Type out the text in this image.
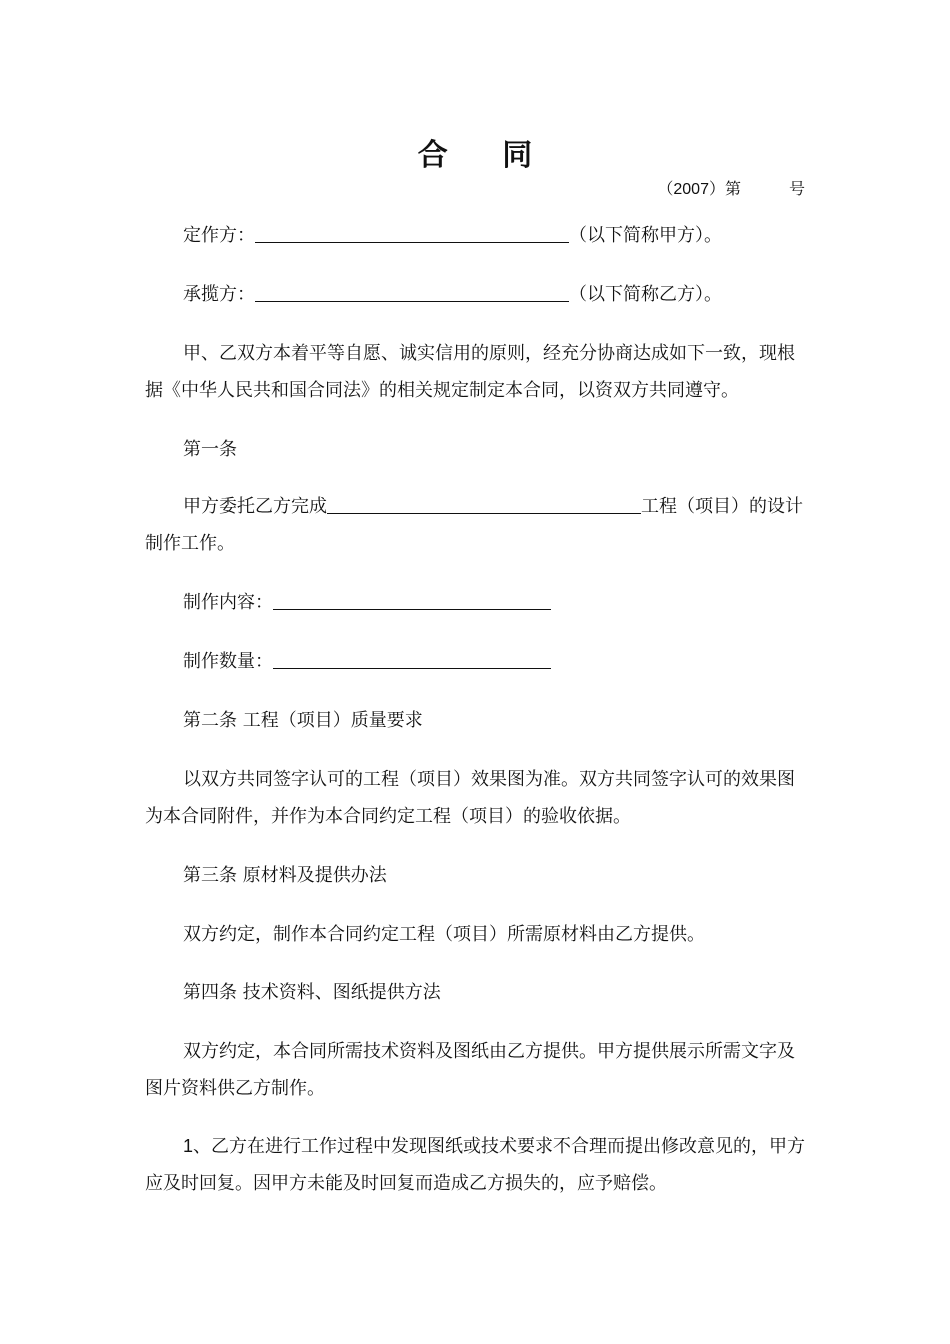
合 同
（2007）第	号
定作方：	（以下简称甲方）。
承揽方：	（以下简称乙方）。
甲、乙双方本着平等自愿、诚实信用的原则，经充分协商达成如下一致，现根据《中华人民共和国合同法》的相关规定制定本合同，以资双方共同遵守。
第一条
甲方委托乙方完成	工程（项目）的设计制作工作。
制作内容：
制作数量：
第二条 工程（项目）质量要求
以双方共同签字认可的工程（项目）效果图为准。双方共同签字认可的效果图为本合同附件，并作为本合同约定工程（项目）的验收依据。
第三条 原材料及提供办法
双方约定，制作本合同约定工程（项目）所需原材料由乙方提供。
第四条 技术资料、图纸提供方法
双方约定，本合同所需技术资料及图纸由乙方提供。甲方提供展示所需文字及图片资料供乙方制作。
1、乙方在进行工作过程中发现图纸或技术要求不合理而提出修改意见的，甲方应及时回复。因甲方未能及时回复而造成乙方损失的，应予赔偿。
